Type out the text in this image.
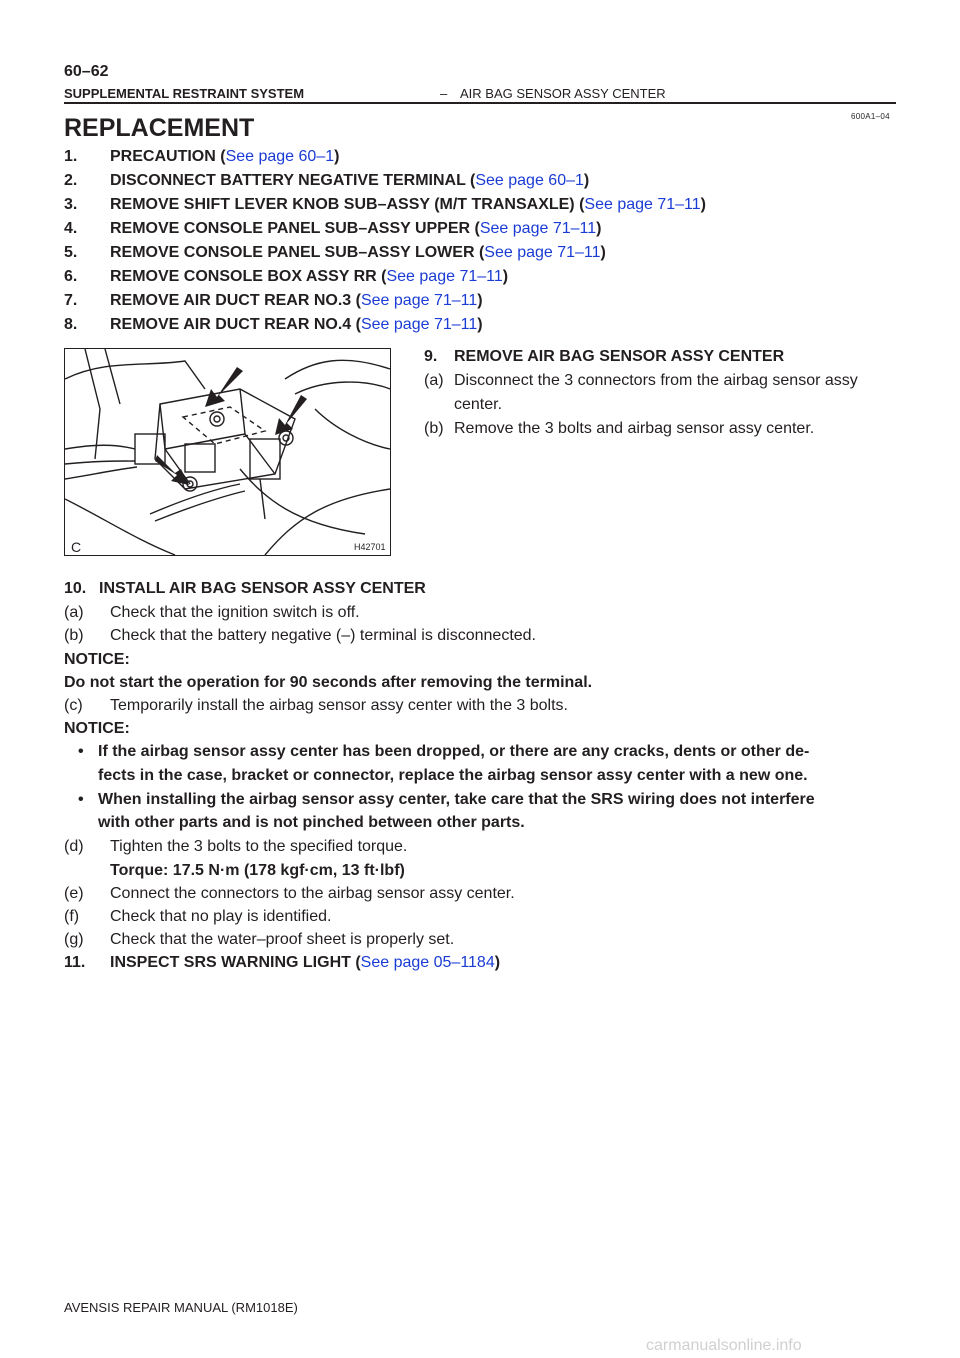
60–62
SUPPLEMENTAL RESTRAINT SYSTEM	– AIR BAG SENSOR ASSY CENTER
600A1–04
REPLACEMENT
1. PRECAUTION (See page 60–1)
2. DISCONNECT BATTERY NEGATIVE TERMINAL (See page 60–1)
3. REMOVE SHIFT LEVER KNOB SUB–ASSY (M/T TRANSAXLE) (See page 71–11)
4. REMOVE CONSOLE PANEL SUB–ASSY UPPER (See page 71–11)
5. REMOVE CONSOLE PANEL SUB–ASSY LOWER (See page 71–11)
6. REMOVE CONSOLE BOX ASSY RR (See page 71–11)
7. REMOVE AIR DUCT REAR NO.3 (See page 71–11)
8. REMOVE AIR DUCT REAR NO.4 (See page 71–11)
C	H42701
9. REMOVE AIR BAG SENSOR ASSY CENTER
(a) Disconnect the 3 connectors from the airbag sensor assy
center.
(b) Remove the 3 bolts and airbag sensor assy center.
10. INSTALL AIR BAG SENSOR ASSY CENTER
(a) Check that the ignition switch is off.
(b) Check that the battery negative (–) terminal is disconnected.
NOTICE:
Do not start the operation for 90 seconds after removing the terminal.
(c) Temporarily install the airbag sensor assy center with the 3 bolts.
NOTICE:
• If the airbag sensor assy center has been dropped, or there are any cracks, dents or other de-
fects in the case, bracket or connector, replace the airbag sensor assy center with a new one.
• When installing the airbag sensor assy center, take care that the SRS wiring does not interfere
with other parts and is not pinched between other parts.
(d) Tighten the 3 bolts to the specified torque.
Torque: 17.5 N·m (178 kgf·cm, 13 ft·lbf)
(e) Connect the connectors to the airbag sensor assy center.
(f) Check that no play is identified.
(g) Check that the water–proof sheet is properly set.
11. INSPECT SRS WARNING LIGHT (See page 05–1184)
AVENSIS REPAIR MANUAL (RM1018E)
carmanualsonline.info
